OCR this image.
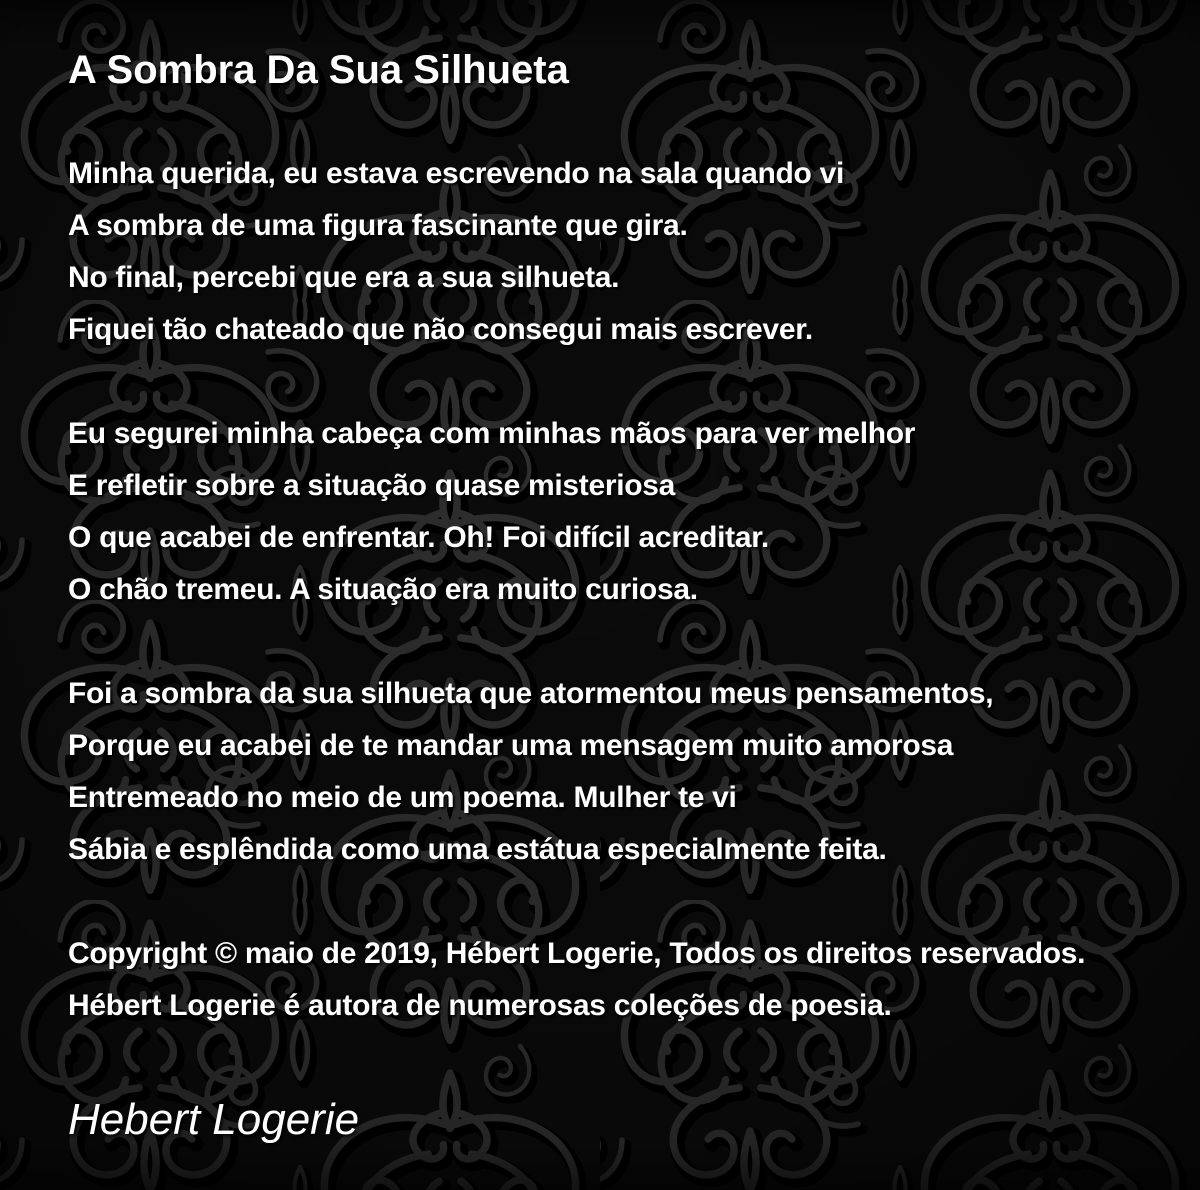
A Sombra Da Sua Silhueta
Minha querida, eu estava escrevendo na sala quando vi
A sombra de uma figura fascinante que gira.
No final, percebi que era a sua silhueta.
Fiquei tão chateado que não consegui mais escrever.
Eu segurei minha cabeça com minhas mãos para ver melhor
E refletir sobre a situação quase misteriosa
O que acabei de enfrentar. Oh! Foi difícil acreditar.
O chão tremeu. A situação era muito curiosa.
Foi a sombra da sua silhueta que atormentou meus pensamentos,
Porque eu acabei de te mandar uma mensagem muito amorosa
Entremeado no meio de um poema. Mulher te vi
Sábia e esplêndida como uma estátua especialmente feita.
Copyright © maio de 2019, Hébert Logerie, Todos os direitos reservados.
Hébert Logerie é autora de numerosas coleções de poesia.
Hebert Logerie
